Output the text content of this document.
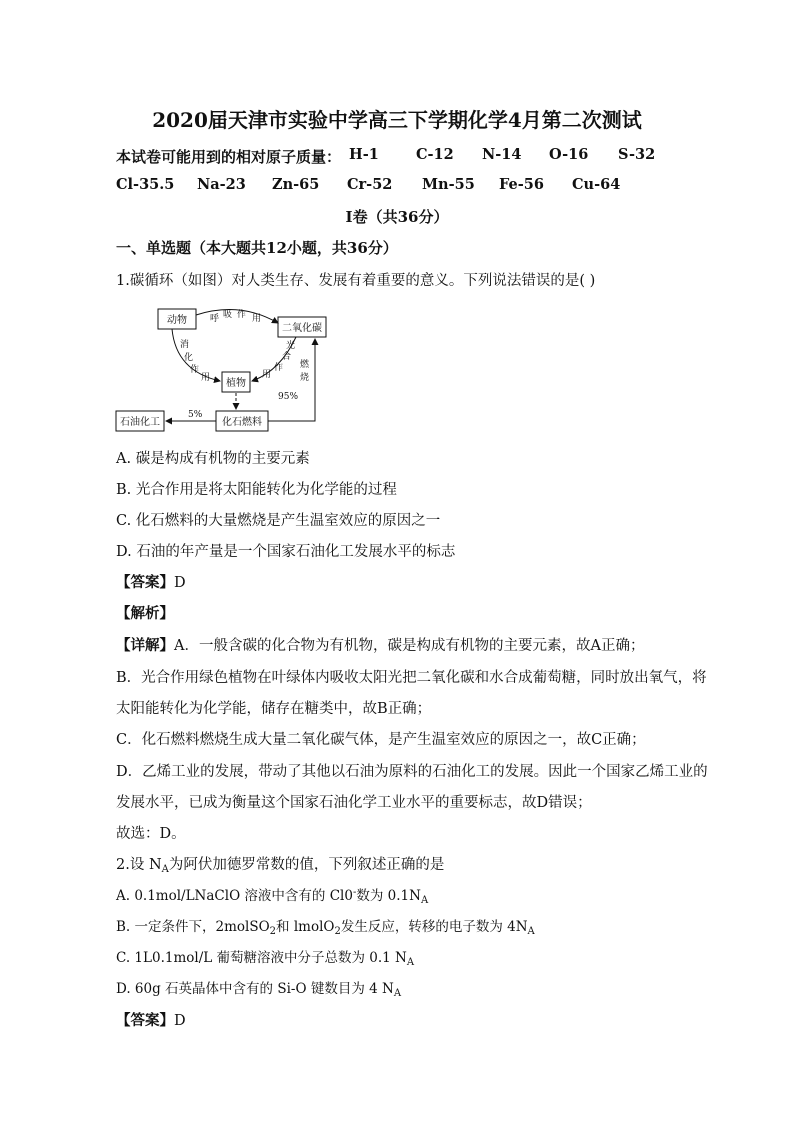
2020届天津市实验中学高三下学期化学4月第二次测试
本试卷可能用到的相对原子质量： H-1	C-12 N-14 O-16 S-32
Cl-35.5 Na-23 Zn-65 Cr-52 Mn-55 Fe-56 Cu-64
I卷（共36分）
一、单选题（本大题共12小题，共36分）
1.碳循环（如图）对人类生存、发展有着重要的意义。下列说法错误的是( )
动物
二氧化碳
植物
化石燃料
石油化工
呼 吸 作 用
消
化
作
用
光
合
作
用
燃
烧
95%
5%
A. 碳是构成有机物的主要元素
B. 光合作用是将太阳能转化为化学能的过程
C. 化石燃料的大量燃烧是产生温室效应的原因之一
D. 石油的年产量是一个国家石油化工发展水平的标志
【答案】D
【解析】
【详解】A．一般含碳的化合物为有机物，碳是构成有机物的主要元素，故A正确；
B．光合作用绿色植物在叶绿体内吸收太阳光把二氧化碳和水合成葡萄糖，同时放出氧气，将
太阳能转化为化学能，储存在糖类中，故B正确；
C．化石燃料燃烧生成大量二氧化碳气体，是产生温室效应的原因之一，故C正确；
D．乙烯工业的发展，带动了其他以石油为原料的石油化工的发展。因此一个国家乙烯工业的
发展水平，已成为衡量这个国家石油化学工业水平的重要标志，故D错误；
故选：D。
2.设 $N_A$为阿伏加德罗常数的值，下列叙述正确的是
A. 0.1mol/LNaClO 溶液中含有的 Cl0-数为 $0.1N_A$
B. 一定条件下，2molSO$_2$和 lmolO$_2$发生反应，转移的电子数为 $4N_A$
C. 1L0.1mol/L 葡萄糖溶液中分子总数为 0.1 $N_A$
D. 60g 石英晶体中含有的 Si-O 键数目为 4 $N_A$
【答案】D
